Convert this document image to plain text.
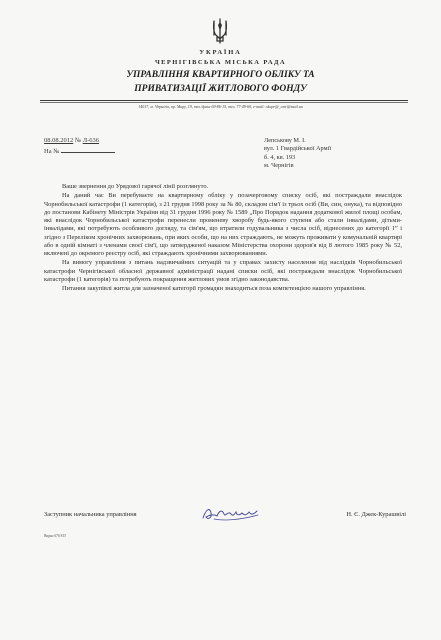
УКРАЇНА
ЧЕРНІГІВСЬКА МІСЬКА РАДА
УПРАВЛІННЯ КВАРТИРНОГО ОБЛІКУ ТА
ПРИВАТИЗАЦІЇ ЖИТЛОВОГО ФОНДУ
14017, м. Чернігів, пр. Миру, 19, тел./факс 69-86-15, тел. 77-49-60, e-mail: okupr@_cmr@mail.ua
08.08.2012 № Л-636
На №
Лепськову М. І.
вул. 1 Гвардійської Армії
б. 4, кв. 193
м. Чернігів

Ваше звернення до Урядової гарячої лінії розглянуто.

На даний час Ви перебуваєте на квартирному обліку у позачерговому списку осіб, які постраждали внаслідок Чорнобильської катастрофи (1 категорія), з 21 грудня 1998 року за № 80, складом сім'ї із трьох осіб (Ви, син, онука), та відповідно до постанови Кабінету Міністрів України від 31 грудня 1996 року № 1589 „Про Порядок надання додаткової жилої площі особам, які внаслідок Чорнобильської катастрофи перенесли променеву хворобу будь-якого ступеня або стали інвалідами, дітьми-інвалідами, які потребують особливого догляду, та сім'ям, що втратили годувальника з числа осіб, віднесених до категорії 1” і згідно з Переліком хронічних захворювань, при яких особи, що на них страждають, не можуть проживати у комунальній квартирі або в одній кімнаті з членами своєї сім'ї, що затвердженої наказом Міністерства охорони здоров'я від 8 лютого 1985 року № 52, включені до окремого реєстру осіб, які страждають хронічними захворюваннями.

На вимогу управління з питань надзвичайних ситуацій та у справах захисту населення від наслідків Чорнобильської катастрофи Чернігівської обласної державної адміністрації надані списки осіб, які постраждали внаслідок Чорнобильської катастрофи (1 категорія) та потребують покращення житлових умов згідно законодавства.

Питання закупівлі житла для зазначеної категорії громадян знаходиться поза компетенцією нашого управління.

Заступник начальника управління	Н. Є. Джек-Курашвілі
Вирко 676 815
